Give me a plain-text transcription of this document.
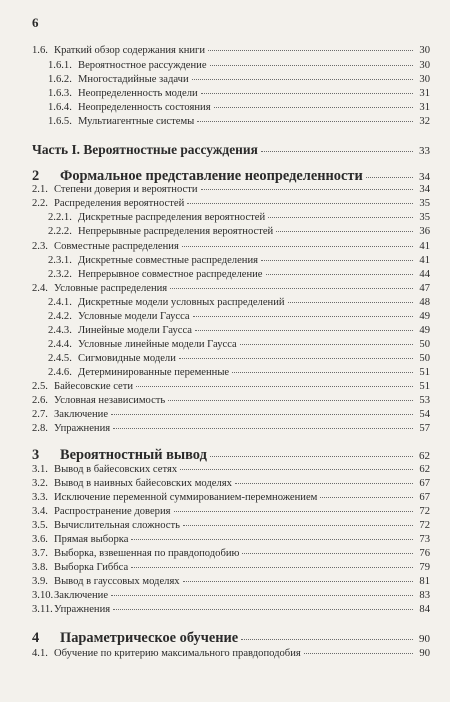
6
1.6. Краткий обзор содержания книги	30
1.6.1. Вероятностное рассуждение	30
1.6.2. Многостадийные задачи	30
1.6.3. Неопределенность модели	31
1.6.4. Неопределенность состояния	31
1.6.5. Мультиагентные системы	32
Часть I. Вероятностные рассуждения	33
2	Формальное представление неопределенности	34
2.1. Степени доверия и вероятности	34
2.2. Распределения вероятностей	35
2.2.1. Дискретные распределения вероятностей	35
2.2.2. Непрерывные распределения вероятностей	36
2.3. Совместные распределения	41
2.3.1. Дискретные совместные распределения	41
2.3.2. Непрерывное совместное распределение	44
2.4. Условные распределения	47
2.4.1. Дискретные модели условных распределений	48
2.4.2. Условные модели Гаусса	49
2.4.3. Линейные модели Гаусса	49
2.4.4. Условные линейные модели Гаусса	50
2.4.5. Сигмовидные модели	50
2.4.6. Детерминированные переменные	51
2.5. Байесовские сети	51
2.6. Условная независимость	53
2.7. Заключение	54
2.8. Упражнения	57
3	Вероятностный вывод	62
3.1. Вывод в байесовских сетях	62
3.2. Вывод в наивных байесовских моделях	67
3.3. Исключение переменной суммированием-перемножением	67
3.4. Распространение доверия	72
3.5. Вычислительная сложность	72
3.6. Прямая выборка	73
3.7. Выборка, взвешенная по правдоподобию	76
3.8. Выборка Гиббса	79
3.9. Вывод в гауссовых моделях	81
3.10. Заключение	83
3.11. Упражнения	84
4	Параметрическое обучение	90
4.1. Обучение по критерию максимального правдоподобия	90
